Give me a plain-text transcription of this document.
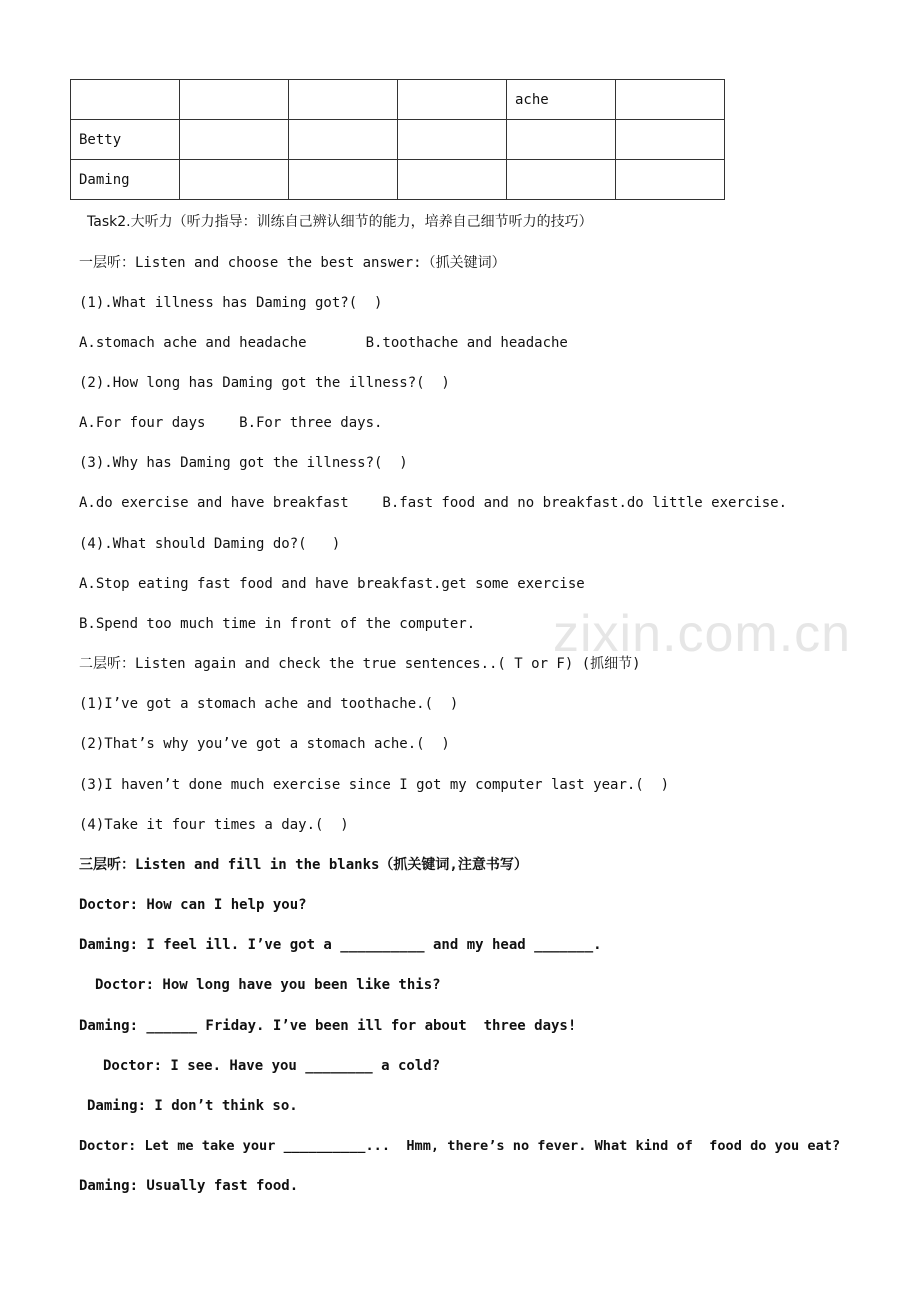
				ache	
Betty					
Daming					
zixin.com.cn
Task2.大听力（听力指导：训练自己辨认细节的能力，培养自己细节听力的技巧）
一层听：Listen and choose the best answer:（抓关键词）
(1).What illness has Daming got?(  )
A.stomach ache and headache       B.toothache and headache
(2).How long has Daming got the illness?(  )
A.For four days    B.For three days.
(3).Why has Daming got the illness?(  )
A.do exercise and have breakfast    B.fast food and no breakfast.do little exercise.
(4).What should Daming do?(   )
A.Stop eating fast food and have breakfast.get some exercise
B.Spend too much time in front of the computer.
二层听：Listen again and check the true sentences..( T or F) (抓细节)
(1)I’ve got a stomach ache and toothache.(  )
(2)That’s why you’ve got a stomach ache.(  )
(3)I haven’t done much exercise since I got my computer last year.(  )
(4)Take it four times a day.(  )
三层听：Listen and fill in the blanks（抓关键词,注意书写）
Doctor: How can I help you?
Daming: I feel ill. I’ve got a __________ and my head _______.
Doctor: How long have you been like this?
Daming: ______ Friday. I’ve been ill for about  three days!
Doctor: I see. Have you ________ a cold?
Daming: I don’t think so.
Doctor: Let me take your __________...  Hmm, there’s no fever. What kind of  food do you eat?
Daming: Usually fast food.
